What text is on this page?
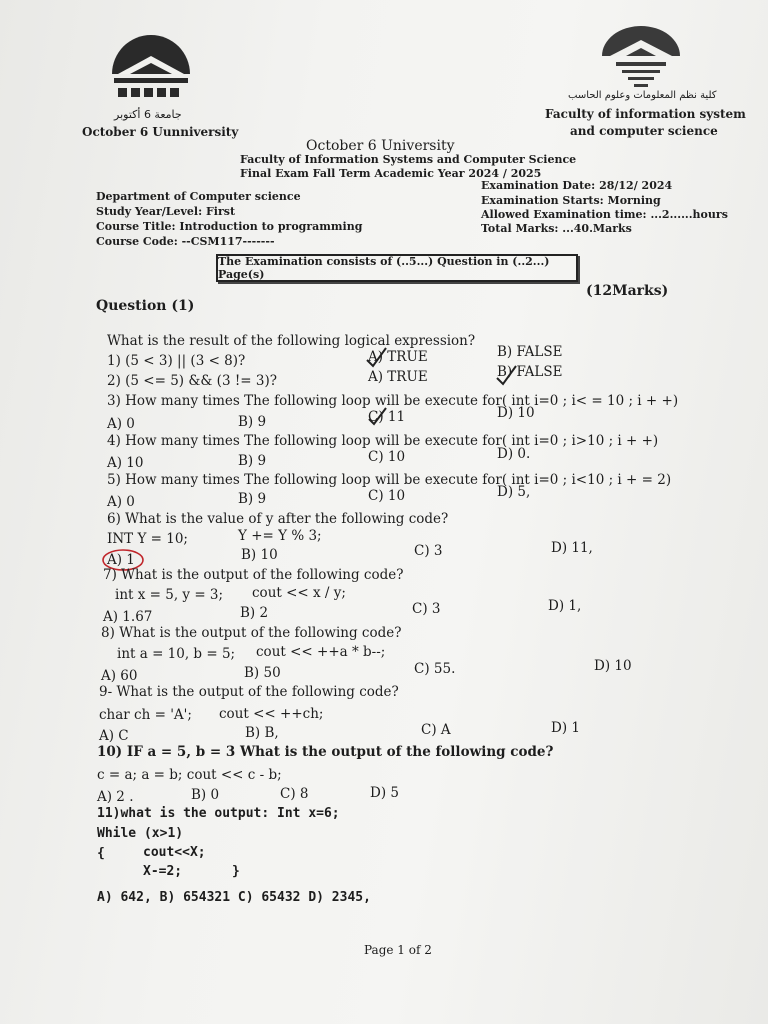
جامعة 6 أكتوبر
October 6 Uunniversity
كلية نظم المعلومات وعلوم الحاسب
Faculty of information system
and computer science
October 6 University
Faculty of Information Systems and Computer Science
Final Exam Fall Term Academic Year 2024 / 2025
Department of Computer science
Study Year/Level: First
Course Title: Introduction to programming
Course Code: --CSM117-------
Examination Date: 28/12/ 2024
Examination Starts: Morning
Allowed Examination time: ...2......hours
Total Marks: ...40.Marks
The Examination consists of (..5...) Question in (..2...) Page(s)
Question (1)
(12Marks)
What is the result of the following logical expression?
1) (5 < 3) || (3 < 8)?	A) TRUE	B) FALSE
2) (5 <= 5) && (3 != 3)?	A) TRUE	B) FALSE
3) How many times The following loop will be execute for( int i=0 ; i< = 10 ; i + +)
A) 0	B) 9	C) 11	D) 10
4) How many times The following loop will be execute for( int i=0 ; i>10 ; i + +)
A) 10	B) 9	C) 10	D) 0.
5) How many times The following loop will be execute for( int i=0 ; i<10 ; i + = 2)
A) 0	B) 9	C) 10	D) 5,
6) What is the value of y after the following code?
INT Y = 10;	Y += Y % 3;
A) 1	B) 10	C) 3	D) 11,
7) What is the output of the following code?
int x = 5, y = 3; cout << x / y;
A) 1.67	B) 2	C) 3	D) 1,
8) What is the output of the following code?
int a = 10, b = 5; cout << ++a * b--;
A) 60	B) 50	C) 55.	D) 10
9- What is the output of the following code?
char ch = 'A'; cout << ++ch;
A) C	B) B,	C) A	D) 1
10) IF a = 5, b = 3 What is the output of the following code?
c = a; a = b; cout << c - b;
A) 2 .	B) 0	C) 8	D) 5
11)what is the output: Int x=6;
While (x>1)
{	cout<<X;
X-=2;	}
A) 642, B) 654321 C) 65432 D) 2345,
Page 1 of 2
